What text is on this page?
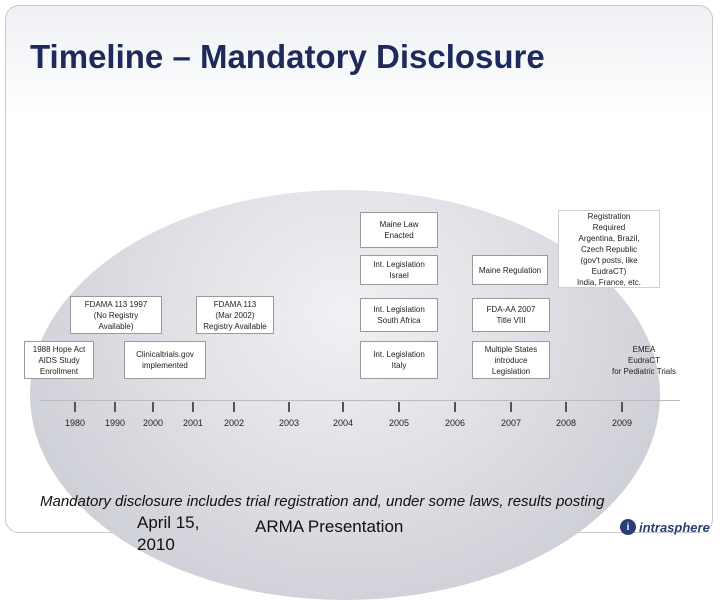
Timeline – Mandatory Disclosure
Maine Law
Enacted
Registration
Required
Argentina, Brazil,
Czech Republic
(gov't posts, like
EudraCT)
India, France, etc.
Int. Legislation
Israel
Maine Regulation
FDAMA 113 1997
(No Registry
Available)
FDAMA 113
(Mar 2002)
Registry Available
Int. Legislation
South Africa
FDA-AA 2007
Title VIII
1988 Hope Act
AIDS Study
Enrollment
Clinicaltrials.gov
implemented
Int. Legislation
Italy
Multiple States
introduce
Legislation
EMEA
EudraCT
for Pediatric Trials
1980	1990	2000	2001	2002	2003	2004	2005	2006	2007	2008	2009
Mandatory disclosure includes trial registration and, under some laws, results posting
April 15,
2010
ARMA Presentation	i intrasphere
